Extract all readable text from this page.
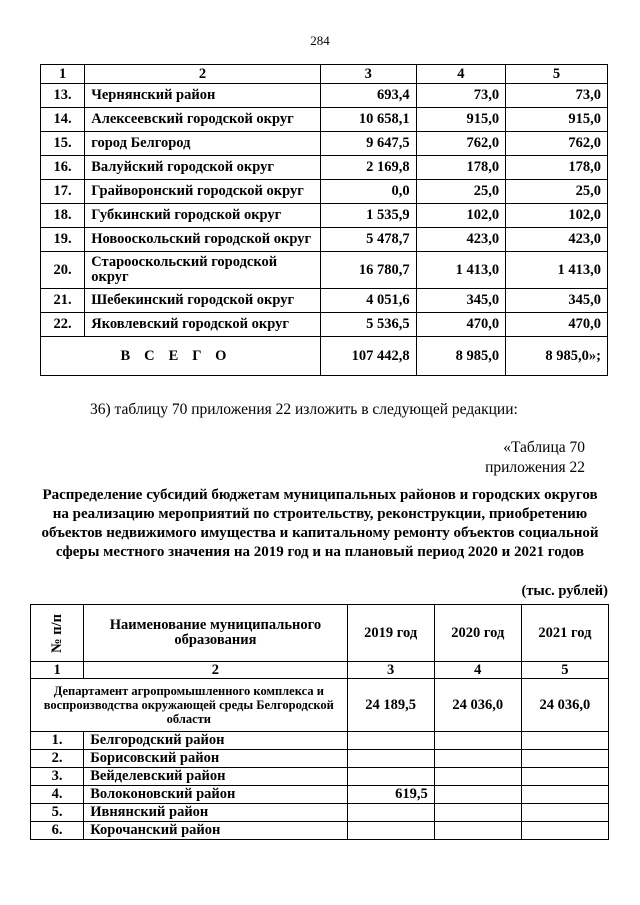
284
1	2	3	4	5
13.	Чернянский район	693,4	73,0	73,0
14.	Алексеевский городской округ	10 658,1	915,0	915,0
15.	город Белгород	9 647,5	762,0	762,0
16.	Валуйский городской округ	2 169,8	178,0	178,0
17.	Грайворонский городской округ	0,0	25,0	25,0
18.	Губкинский городской округ	1 535,9	102,0	102,0
19.	Новооскольский городской округ	5 478,7	423,0	423,0
20.	Старооскольский городской округ	16 780,7	1 413,0	1 413,0
21.	Шебекинский городской округ	4 051,6	345,0	345,0
22.	Яковлевский городской округ	5 536,5	470,0	470,0
ВСЕГО		107 442,8	8 985,0	8 985,0»;
36) таблицу 70 приложения 22 изложить в следующей редакции:
«Таблица 70
приложения 22
Распределение субсидий бюджетам муниципальных районов и городских округов
на реализацию мероприятий по строительству, реконструкции, приобретению
объектов недвижимого имущества и капитальному ремонту объектов социальной
сферы местного значения на 2019 год и на плановый период 2020 и 2021 годов
(тыс. рублей)
№ п/п	Наименование муниципального образования	2019 год	2020 год	2021 год
1	2	3	4	5
Департамент агропромышленного комплекса и воспроизводства окружающей среды Белгородской области		24 189,5	24 036,0	24 036,0
1.	Белгородский район			
2.	Борисовский район			
3.	Вейделевский район			
4.	Волоконовский район	619,5		
5.	Ивнянский район			
6.	Корочанский район			
